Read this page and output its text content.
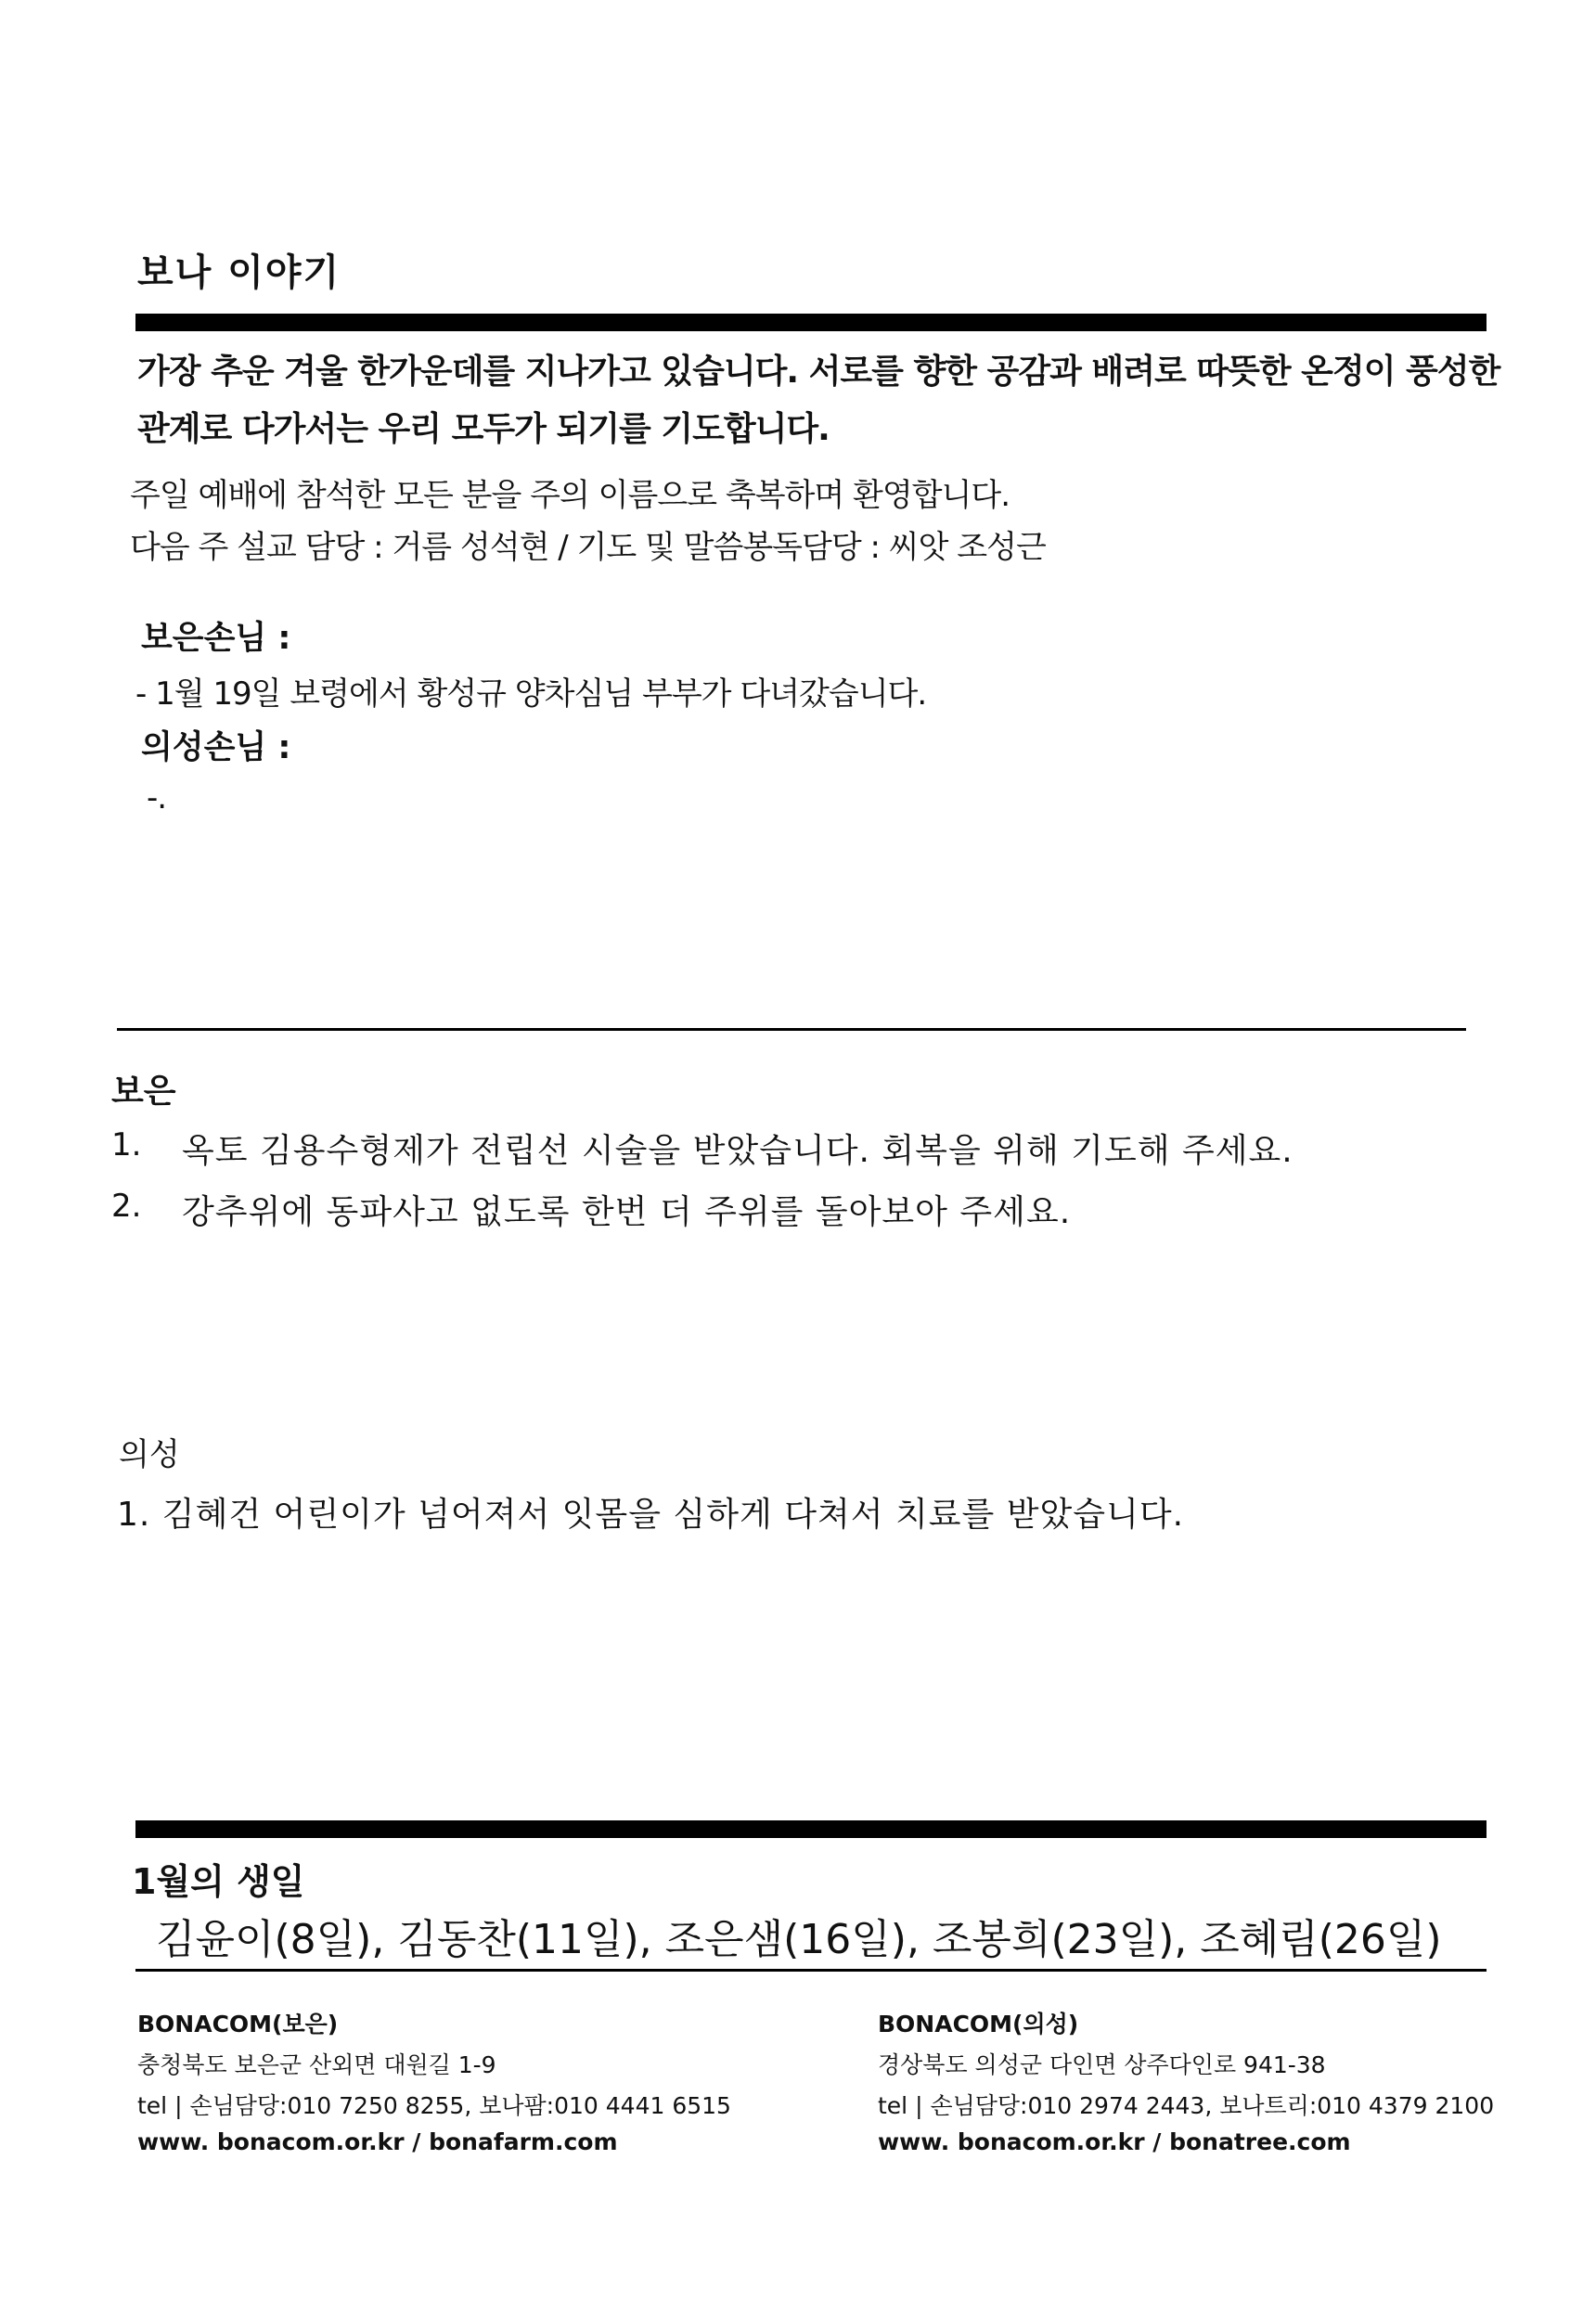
보나 이야기
가장 추운 겨울 한가운데를 지나가고 있습니다. 서로를 향한 공감과 배려로 따뜻한 온정이 풍성한
관계로 다가서는 우리 모두가 되기를 기도합니다.
주일 예배에 참석한 모든 분을 주의 이름으로 축복하며 환영합니다.
다음 주 설교 담당 : 거름 성석현 / 기도 및 말씀봉독담당 : 씨앗 조성근
보은손님 :
- 1월 19일 보령에서 황성규 양차심님 부부가 다녀갔습니다.
의성손님 :
-.
보은
1. 옥토 김용수형제가 전립선 시술을 받았습니다. 회복을 위해 기도해 주세요.
2. 강추위에 동파사고 없도록 한번 더 주위를 돌아보아 주세요.
의성
1. 김혜건 어린이가 넘어져서 잇몸을 심하게 다쳐서 치료를 받았습니다.
1월의 생일
김윤이(8일), 김동찬(11일), 조은샘(16일), 조봉희(23일), 조혜림(26일)
BONACOM(보은)
충청북도 보은군 산외면 대원길 1-9
tel | 손님담당:010 7250 8255, 보나팜:010 4441 6515
www. bonacom.or.kr / bonafarm.com
BONACOM(의성)
경상북도 의성군 다인면 상주다인로 941-38
tel | 손님담당:010 2974 2443, 보나트리:010 4379 2100
www. bonacom.or.kr / bonatree.com
